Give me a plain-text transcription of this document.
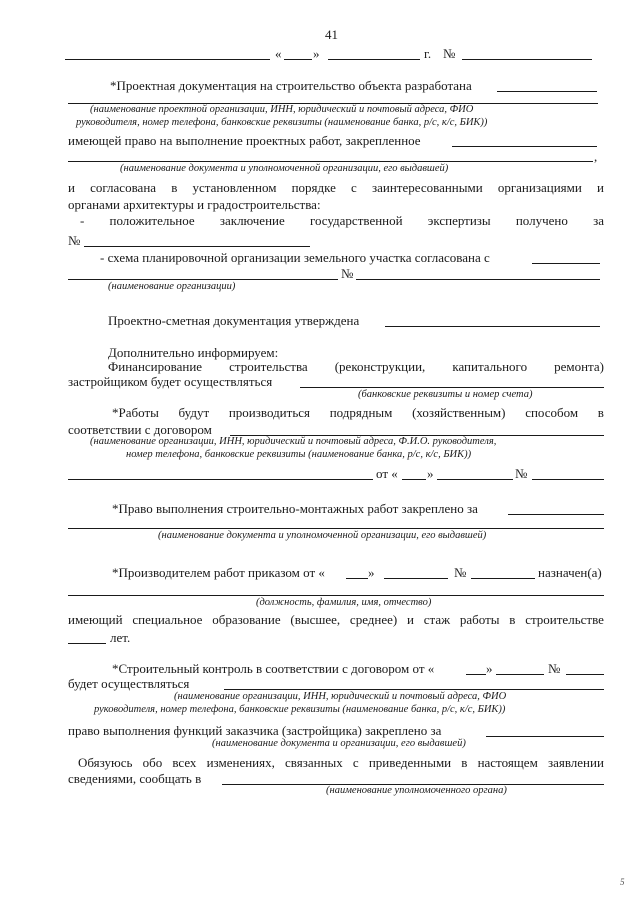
41
« »	г. №
*Проектная документация на строительство объекта разработана
(наименование проектной организации, ИНН, юридический и почтовый адреса, ФИО
руководителя, номер телефона, банковские реквизиты (наименование банка, р/с, к/с, БИК))
имеющей право на выполнение проектных работ, закрепленное
,
(наименование документа и уполномоченной организации, его выдавшей)
и согласована в установленном порядке с заинтересованными организациями и
органами архитектуры и градостроительства:
- положительное заключение государственной экспертизы получено за
№
- схема планировочной организации земельного участка согласована с
№
(наименование организации)
Проектно-сметная документация утверждена
Дополнительно информируем:
Финансирование строительства (реконструкции, капитального ремонта)
застройщиком будет осуществляться
(банковские реквизиты и номер счета)
*Работы будут производиться подрядным (хозяйственным) способом в
соответствии с договором
(наименование организации, ИНН, юридический и почтовый адреса, Ф.И.О. руководителя,
номер телефона, банковские реквизиты (наименование банка, р/с, к/с, БИК))
от « »	№
*Право выполнения строительно-монтажных работ закреплено за
(наименование документа и уполномоченной организации, его выдавшей)
*Производителем работ приказом от «	»	№	назначен(а)
(должность, фамилия, имя, отчество)
имеющий специальное образование (высшее, среднее) и стаж работы в строительстве
лет.
*Строительный контроль в соответствии с договором от «	»	№
будет осуществляться
(наименование организации, ИНН, юридический и почтовый адреса, ФИО
руководителя, номер телефона, банковские реквизиты (наименование банка, р/с, к/с, БИК))
право выполнения функций заказчика (застройщика) закреплено за
(наименование документа и организации, его выдавшей)
Обязуюсь обо всех изменениях, связанных с приведенными в настоящем заявлении
сведениями, сообщать в
(наименование уполномоченного органа)
5
